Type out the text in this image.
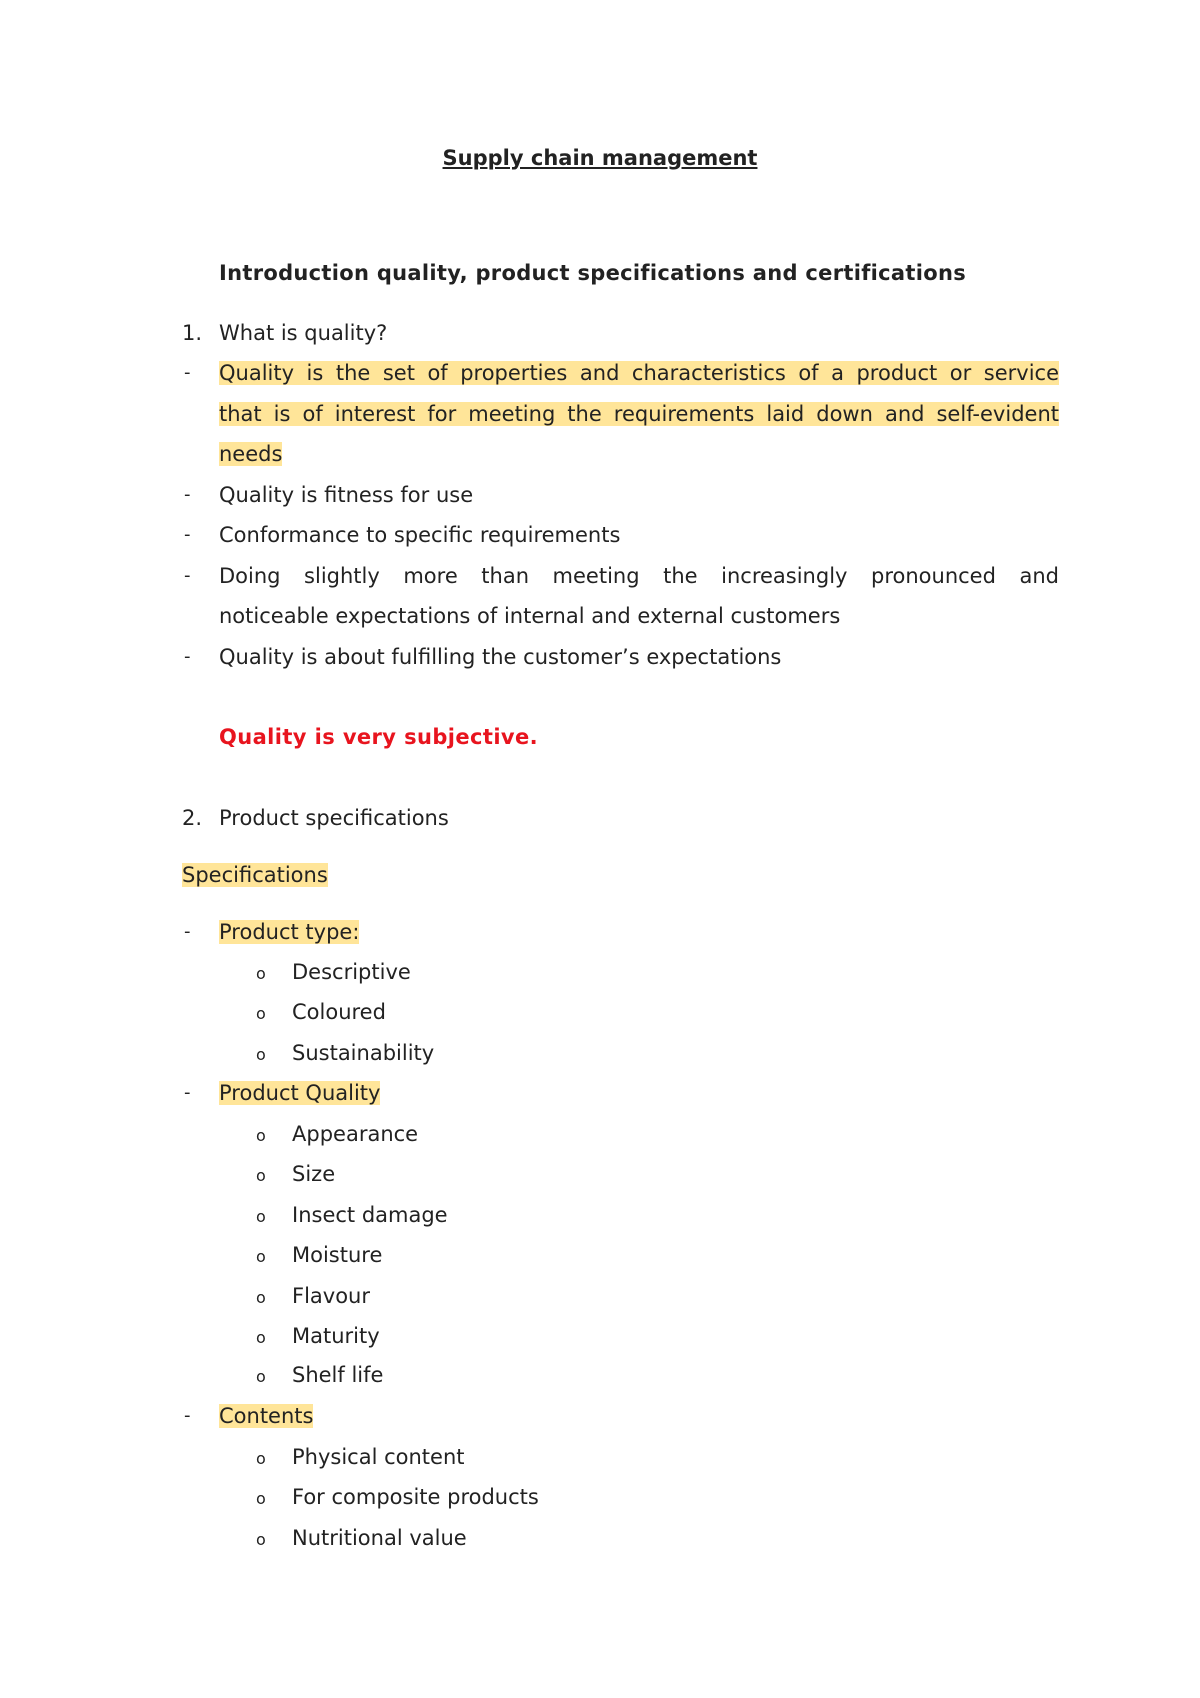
Supply chain management
Introduction quality, product specifications and certifications
1. What is quality?
- Quality is the set of properties and characteristics of a product or service
that is of interest for meeting the requirements laid down and self-evident
needs
- Quality is fitness for use
- Conformance to specific requirements
- Doing slightly more than meeting the increasingly pronounced and
noticeable expectations of internal and external customers
- Quality is about fulfilling the customer’s expectations
Quality is very subjective.
2. Product specifications
Specifications
- Product type:
o Descriptive
o Coloured
o Sustainability
- Product Quality
o Appearance
o Size
o Insect damage
o Moisture
o Flavour
o Maturity
o Shelf life
- Contents
o Physical content
o For composite products
o Nutritional value
